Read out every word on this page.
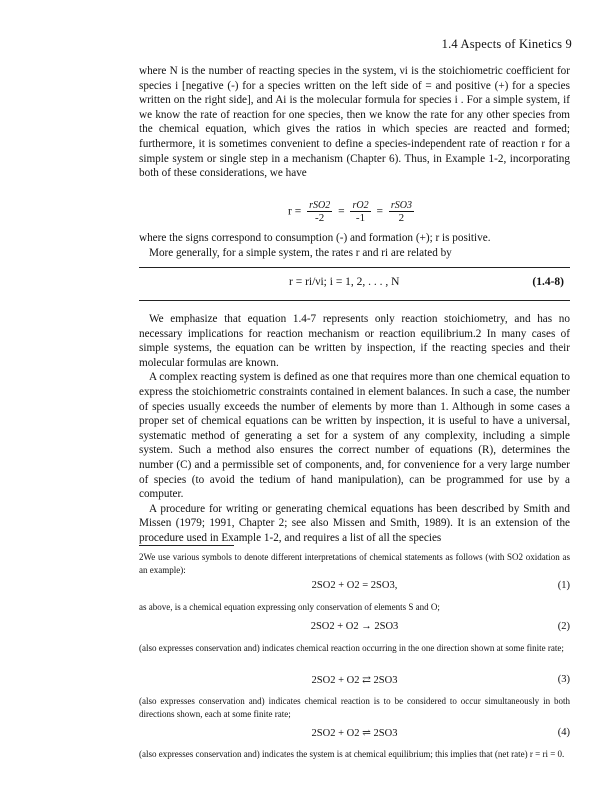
1.4 Aspects of Kinetics 9

where N is the number of reacting species in the system, νi is the stoichiometric coefficient for species i [negative (-) for a species written on the left side of = and positive (+) for a species written on the right side], and Ai is the molecular formula for species i . For a simple system, if we know the rate of reaction for one species, then we know the rate for any other species from the chemical equation, which gives the ratios in which species are reacted and formed; furthermore, it is sometimes convenient to define a species-independent rate of reaction r for a simple system or single step in a mechanism (Chapter 6). Thus, in Example 1-2, incorporating both of these considerations, we have

$r = \frac{\text{rSO2}}{-2} = \frac{rO2}{-1} = \frac{\text{rSO3}}{2}$

where the signs correspond to consumption (-) and formation (+); r is positive.

More generally, for a simple system, the rates r and ri are related by

r = ri/νi; i = 1, 2, . . . , N	(1.4-8)

We emphasize that equation 1.4-7 represents only reaction stoichiometry, and has no necessary implications for reaction mechanism or reaction equilibrium.2 In many cases of simple systems, the equation can be written by inspection, if the reacting species and their molecular formulas are known.

A complex reacting system is defined as one that requires more than one chemical equation to express the stoichiometric constraints contained in element balances. In such a case, the number of species usually exceeds the number of elements by more than 1. Although in some cases a proper set of chemical equations can be written by inspection, it is useful to have a universal, systematic method of generating a set for a system of any complexity, including a simple system. Such a method also ensures the correct number of equations (R), determines the number (C) and a permissible set of components, and, for convenience for a very large number of species (to avoid the tedium of hand manipulation), can be programmed for use by a computer.

A procedure for writing or generating chemical equations has been described by Smith and Missen (1979; 1991, Chapter 2; see also Missen and Smith, 1989). It is an extension of the procedure used in Example 1-2, and requires a list of all the species

2We use various symbols to denote different interpretations of chemical statements as follows (with SO2 oxidation as an example):
2SO2 + O2 = 2SO3,	(1)
as above, is a chemical equation expressing only conservation of elements S and O;
2SO2 + O2 → 2SO3	(2)
(also expresses conservation and) indicates chemical reaction occurring in the one direction shown at some finite rate;
2SO2 + O2 ⇄ 2SO3	(3)
(also expresses conservation and) indicates chemical reaction is to be considered to occur simultaneously in both directions shown, each at some finite rate;
2SO2 + O2 ⇌ 2SO3	(4)
(also expresses conservation and) indicates the system is at chemical equilibrium; this implies that (net rate) r = ri = 0.
